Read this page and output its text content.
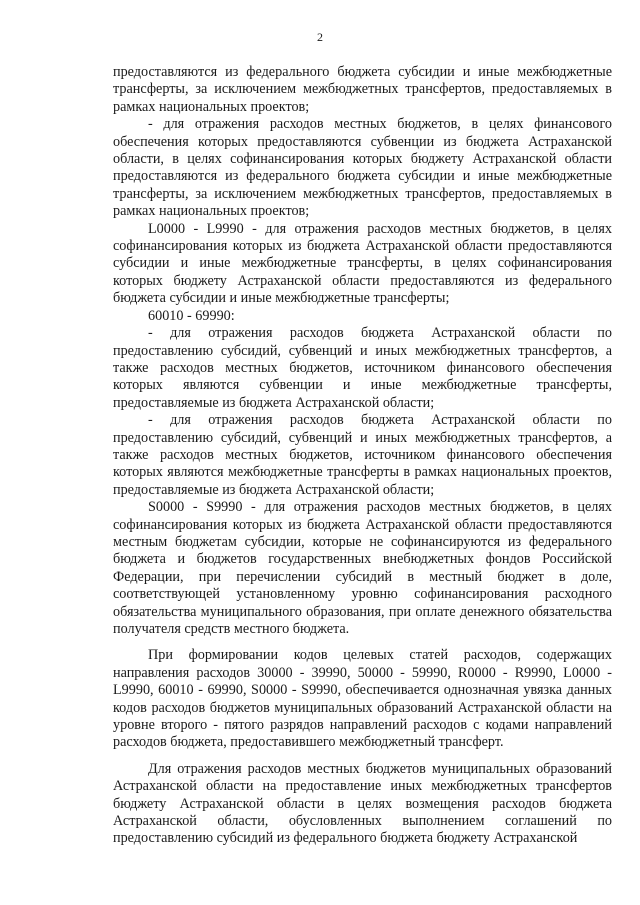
2

предоставляются из федерального бюджета субсидии и иные межбюджетные трансферты, за исключением межбюджетных трансфертов, предоставляемых в рамках национальных проектов;

- для отражения расходов местных бюджетов, в целях финансового обеспечения которых предоставляются субвенции из бюджета Астраханской области, в целях софинансирования которых бюджету Астраханской области предоставляются из федерального бюджета субсидии и иные межбюджетные трансферты, за исключением межбюджетных трансфертов, предоставляемых в рамках национальных проектов;

L0000 - L9990 - для отражения расходов местных бюджетов, в целях софинансирования которых из бюджета Астраханской области предоставляются субсидии и иные межбюджетные трансферты, в целях софинансирования которых бюджету Астраханской области предоставляются из федерального бюджета субсидии и иные межбюджетные трансферты;

60010 - 69990:

- для отражения расходов бюджета Астраханской области по предоставлению субсидий, субвенций и иных межбюджетных трансфертов, а также расходов местных бюджетов, источником финансового обеспечения которых являются субвенции и иные межбюджетные трансферты, предоставляемые из бюджета Астраханской области;

- для отражения расходов бюджета Астраханской области по предоставлению субсидий, субвенций и иных межбюджетных трансфертов, а также расходов местных бюджетов, источником финансового обеспечения которых являются межбюджетные трансферты в рамках национальных проектов, предоставляемые из бюджета Астраханской области;

S0000 - S9990 - для отражения расходов местных бюджетов, в целях софинансирования которых из бюджета Астраханской области предоставляются местным бюджетам субсидии, которые не софинансируются из федерального бюджета и бюджетов государственных внебюджетных фондов Российской Федерации, при перечислении субсидий в местный бюджет в доле, соответствующей установленному уровню софинансирования расходного обязательства муниципального образования, при оплате денежного обязательства получателя средств местного бюджета.

При формировании кодов целевых статей расходов, содержащих направления расходов 30000 - 39990, 50000 - 59990, R0000 - R9990, L0000 - L9990, 60010 - 69990, S0000 - S9990, обеспечивается однозначная увязка данных кодов расходов бюджетов муниципальных образований Астраханской области на уровне второго - пятого разрядов направлений расходов с кодами направлений расходов бюджета, предоставившего межбюджетный трансферт.

Для отражения расходов местных бюджетов муниципальных образований Астраханской области на предоставление иных межбюджетных трансфертов бюджету Астраханской области в целях возмещения расходов бюджета Астраханской области, обусловленных выполнением соглашений по предоставлению субсидий из федерального бюджета бюджету Астраханской
